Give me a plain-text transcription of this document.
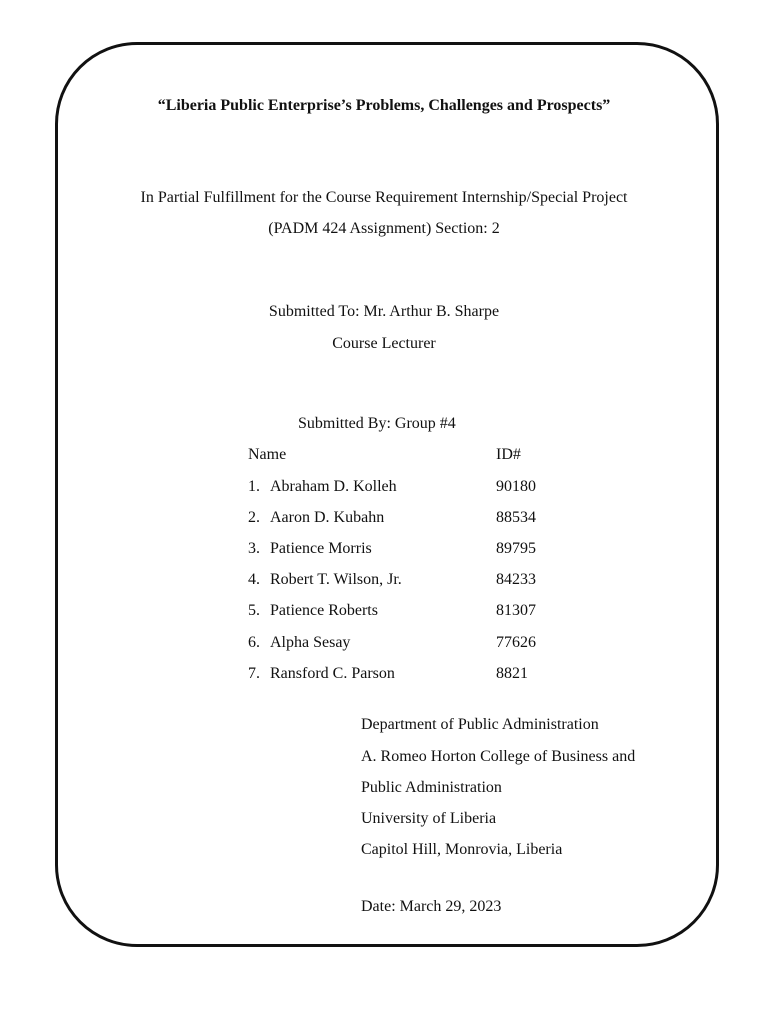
“Liberia Public Enterprise’s Problems, Challenges and Prospects”
In Partial Fulfillment for the Course Requirement Internship/Special Project
(PADM 424 Assignment) Section: 2
Submitted To: Mr. Arthur B. Sharpe
Course Lecturer
Submitted By: Group #4
Name	ID#
1. Abraham D. Kolleh	90180
2. Aaron D. Kubahn	88534
3. Patience Morris	89795
4. Robert T. Wilson, Jr.	84233
5. Patience Roberts	81307
6. Alpha Sesay	77626
7. Ransford C. Parson	8821
Department of Public Administration
A. Romeo Horton College of Business and
Public Administration
University of Liberia
Capitol Hill, Monrovia, Liberia
Date: March 29, 2023
